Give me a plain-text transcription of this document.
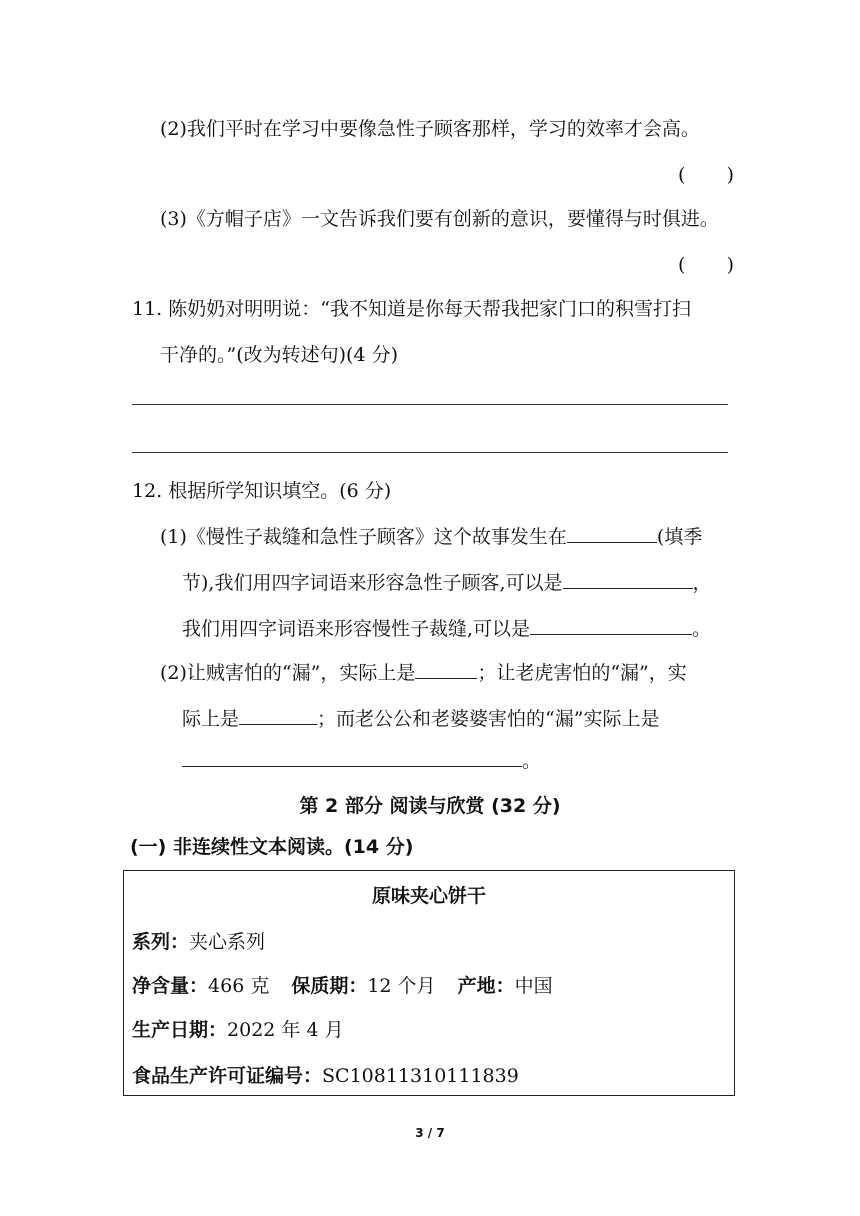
(2)我们平时在学习中要像急性子顾客那样，学习的效率才会高。
( )
(3)《方帽子店》一文告诉我们要有创新的意识，要懂得与时俱进。
( )
11. 陈奶奶对明明说：“我不知道是你每天帮我把家门口的积雪打扫
干净的。”(改为转述句)(4 分)
12. 根据所学知识填空。(6 分)
(1)《慢性子裁缝和急性子顾客》这个故事发生在	(填季
节),我们用四字词语来形容急性子顾客,可以是	，
我们用四字词语来形容慢性子裁缝,可以是	。
(2)让贼害怕的“漏”，实际上是	；让老虎害怕的“漏”，实
际上是	；而老公公和老婆婆害怕的“漏”实际上是
。
第 2 部分 阅读与欣赏 (32 分)
(一) 非连续性文本阅读。(14 分)
原味夹心饼干
系列：夹心系列
净含量：466 克 保质期：12 个月 产地：中国
生产日期：2022 年 4 月
食品生产许可证编号：SC10811310111839
3 / 7
